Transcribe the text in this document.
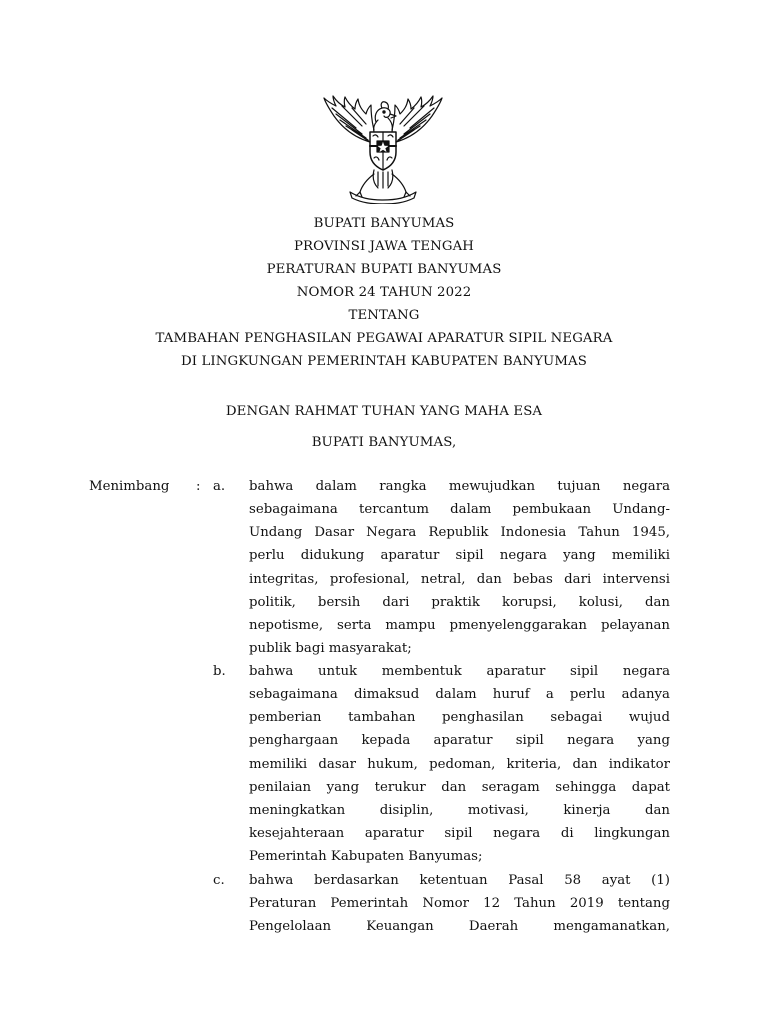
BUPATI BANYUMAS
PROVINSI JAWA TENGAH
PERATURAN BUPATI BANYUMAS
NOMOR 24 TAHUN 2022
TENTANG
TAMBAHAN PENGHASILAN PEGAWAI APARATUR SIPIL NEGARA
DI LINGKUNGAN PEMERINTAH KABUPATEN BANYUMAS
DENGAN RAHMAT TUHAN YANG MAHA ESA
BUPATI BANYUMAS,
Menimbang : a. bahwa dalam rangka mewujudkan tujuan negara
sebagaimana tercantum dalam pembukaan Undang-
Undang Dasar Negara Republik Indonesia Tahun 1945,
perlu didukung aparatur sipil negara yang memiliki
integritas, profesional, netral, dan bebas dari intervensi
politik, bersih dari praktik korupsi, kolusi, dan
nepotisme, serta mampu pmenyelenggarakan pelayanan
publik bagi masyarakat;
b. bahwa untuk membentuk aparatur sipil negara
sebagaimana dimaksud dalam huruf a perlu adanya
pemberian tambahan penghasilan sebagai wujud
penghargaan kepada aparatur sipil negara yang
memiliki dasar hukum, pedoman, kriteria, dan indikator
penilaian yang terukur dan seragam sehingga dapat
meningkatkan disiplin, motivasi, kinerja dan
kesejahteraan aparatur sipil negara di lingkungan
Pemerintah Kabupaten Banyumas;
c. bahwa berdasarkan ketentuan Pasal 58 ayat (1)
Peraturan Pemerintah Nomor 12 Tahun 2019 tentang
Pengelolaan Keuangan Daerah mengamanatkan,
